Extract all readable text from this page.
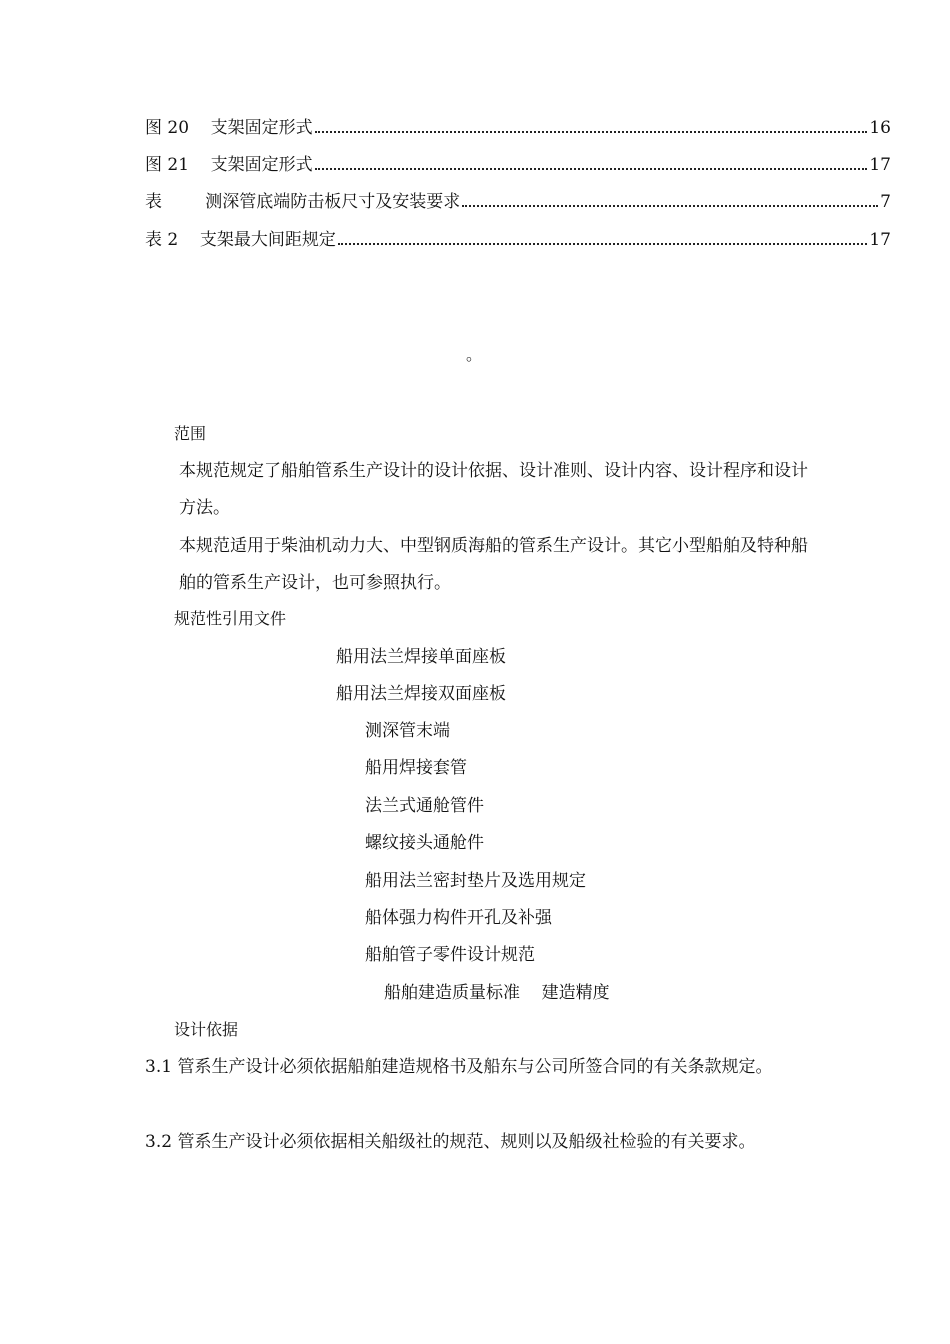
图 20    支架固定形式	16
图 21    支架固定形式	17
表        测深管底端防击板尺寸及安装要求	7
表 2    支架最大间距规定	17
。
范围
本规范规定了船舶管系生产设计的设计依据、设计准则、设计内容、设计程序和设计方法。
本规范适用于柴油机动力大、中型钢质海船的管系生产设计。其它小型船舶及特种船舶的管系生产设计，也可参照执行。
规范性引用文件
船用法兰焊接单面座板
船用法兰焊接双面座板
测深管末端
船用焊接套管
法兰式通舱管件
螺纹接头通舱件
船用法兰密封垫片及选用规定
船体强力构件开孔及补强
船舶管子零件设计规范
船舶建造质量标准    建造精度
设计依据
3.1 管系生产设计必须依据船舶建造规格书及船东与公司所签合同的有关条款规定。
3.2 管系生产设计必须依据相关船级社的规范、规则以及船级社检验的有关要求。
